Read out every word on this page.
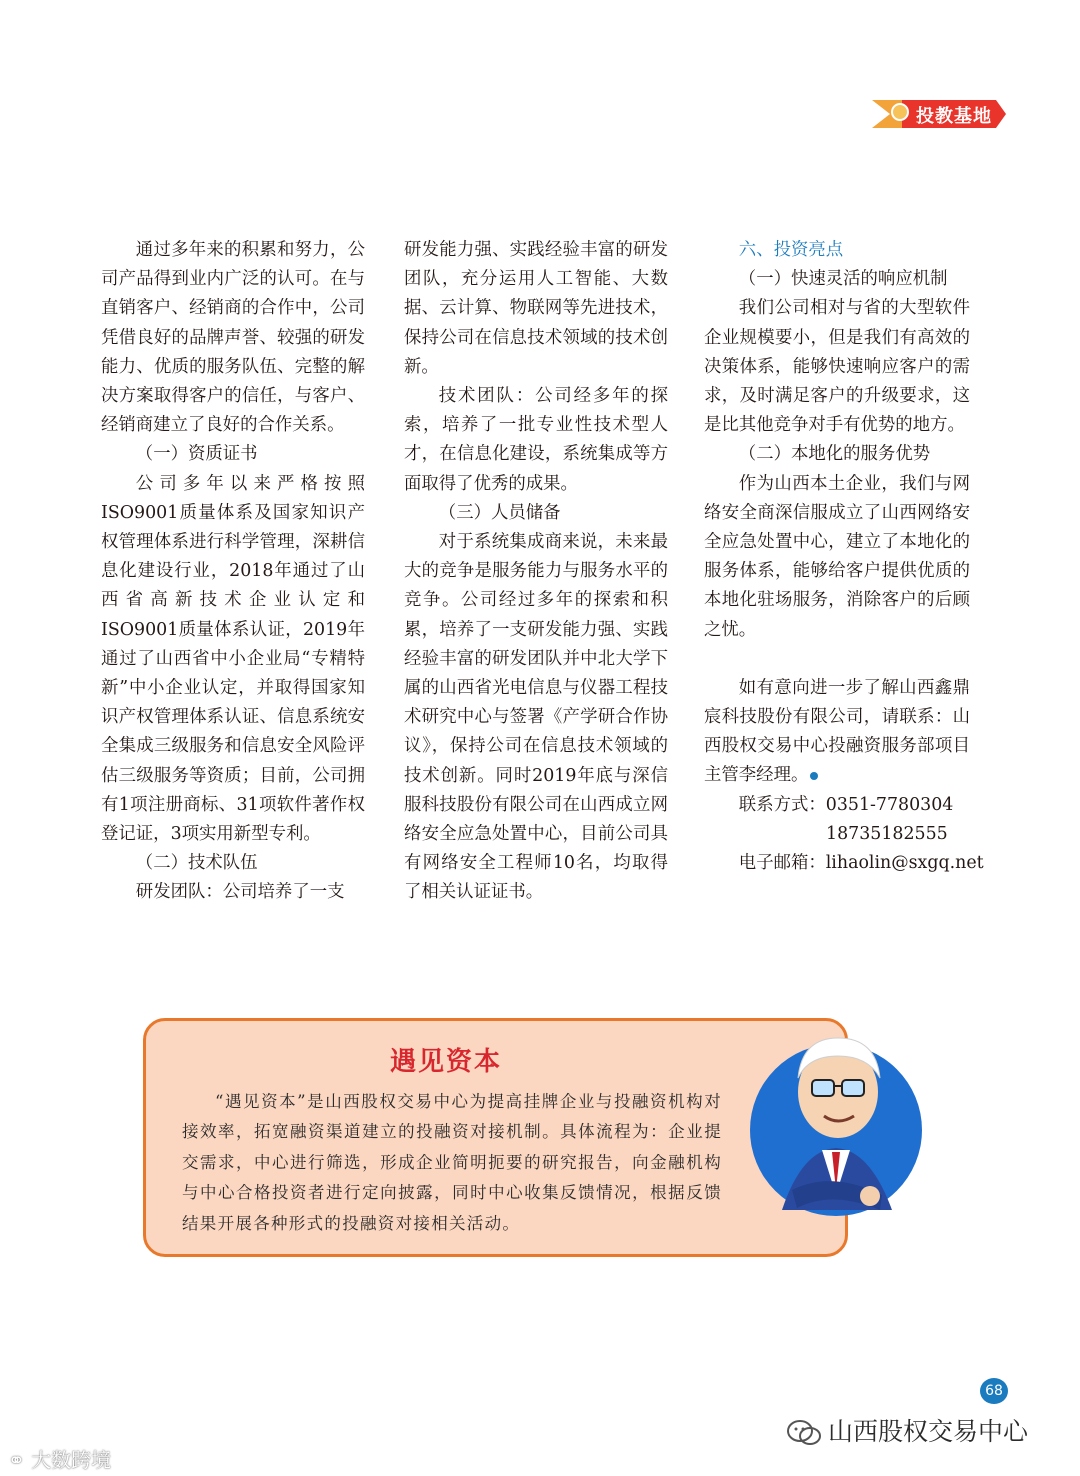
投教基地

通过多年来的积累和努力，公司产品得到业内广泛的认可。在与直销客户、经销商的合作中，公司凭借良好的品牌声誉、较强的研发能力、优质的服务队伍、完整的解决方案取得客户的信任，与客户、经销商建立了良好的合作关系。

（一）资质证书

公司多年以来严格按照ISO9001质量体系及国家知识产权管理体系进行科学管理，深耕信息化建设行业，2018年通过了山西省高新技术企业认定和ISO9001质量体系认证，2019年通过了山西省中小企业局“专精特新”中小企业认定，并取得国家知识产权管理体系认证、信息系统安全集成三级服务和信息安全风险评估三级服务等资质；目前，公司拥有1项注册商标、31项软件著作权登记证，3项实用新型专利。

（二）技术队伍

研发团队：公司培养了一支

研发能力强、实践经验丰富的研发团队，充分运用人工智能、大数据、云计算、物联网等先进技术，保持公司在信息技术领域的技术创新。

技术团队：公司经多年的探索，培养了一批专业性技术型人才，在信息化建设，系统集成等方面取得了优秀的成果。

（三）人员储备

对于系统集成商来说，未来最大的竞争是服务能力与服务水平的竞争。公司经过多年的探索和积累，培养了一支研发能力强、实践经验丰富的研发团队并中北大学下属的山西省光电信息与仪器工程技术研究中心与签署《产学研合作协议》，保持公司在信息技术领域的技术创新。同时2019年底与深信服科技股份有限公司在山西成立网络安全应急处置中心，目前公司具有网络安全工程师10名，均取得了相关认证证书。

六、投资亮点

（一）快速灵活的响应机制

我们公司相对与省的大型软件企业规模要小，但是我们有高效的决策体系，能够快速响应客户的需求，及时满足客户的升级要求，这是比其他竞争对手有优势的地方。

（二）本地化的服务优势

作为山西本土企业，我们与网络安全商深信服成立了山西网络安全应急处置中心，建立了本地化的服务体系，能够给客户提供优质的本地化驻场服务，消除客户的后顾之忧。

如有意向进一步了解山西鑫鼎宸科技股份有限公司，请联系：山西股权交易中心投融资服务部项目主管李经理。

联系方式：0351-7780304

18735182555

电子邮箱：lihaolin@sxgq.net

遇见资本

“遇见资本”是山西股权交易中心为提高挂牌企业与投融资机构对接效率，拓宽融资渠道建立的投融资对接机制。具体流程为：企业提交需求，中心进行筛选，形成企业简明扼要的研究报告，向金融机构与中心合格投资者进行定向披露，同时中心收集反馈情况，根据反馈结果开展各种形式的投融资对接相关活动。

68
山西股权交易中心
⚭ 大数跨境
